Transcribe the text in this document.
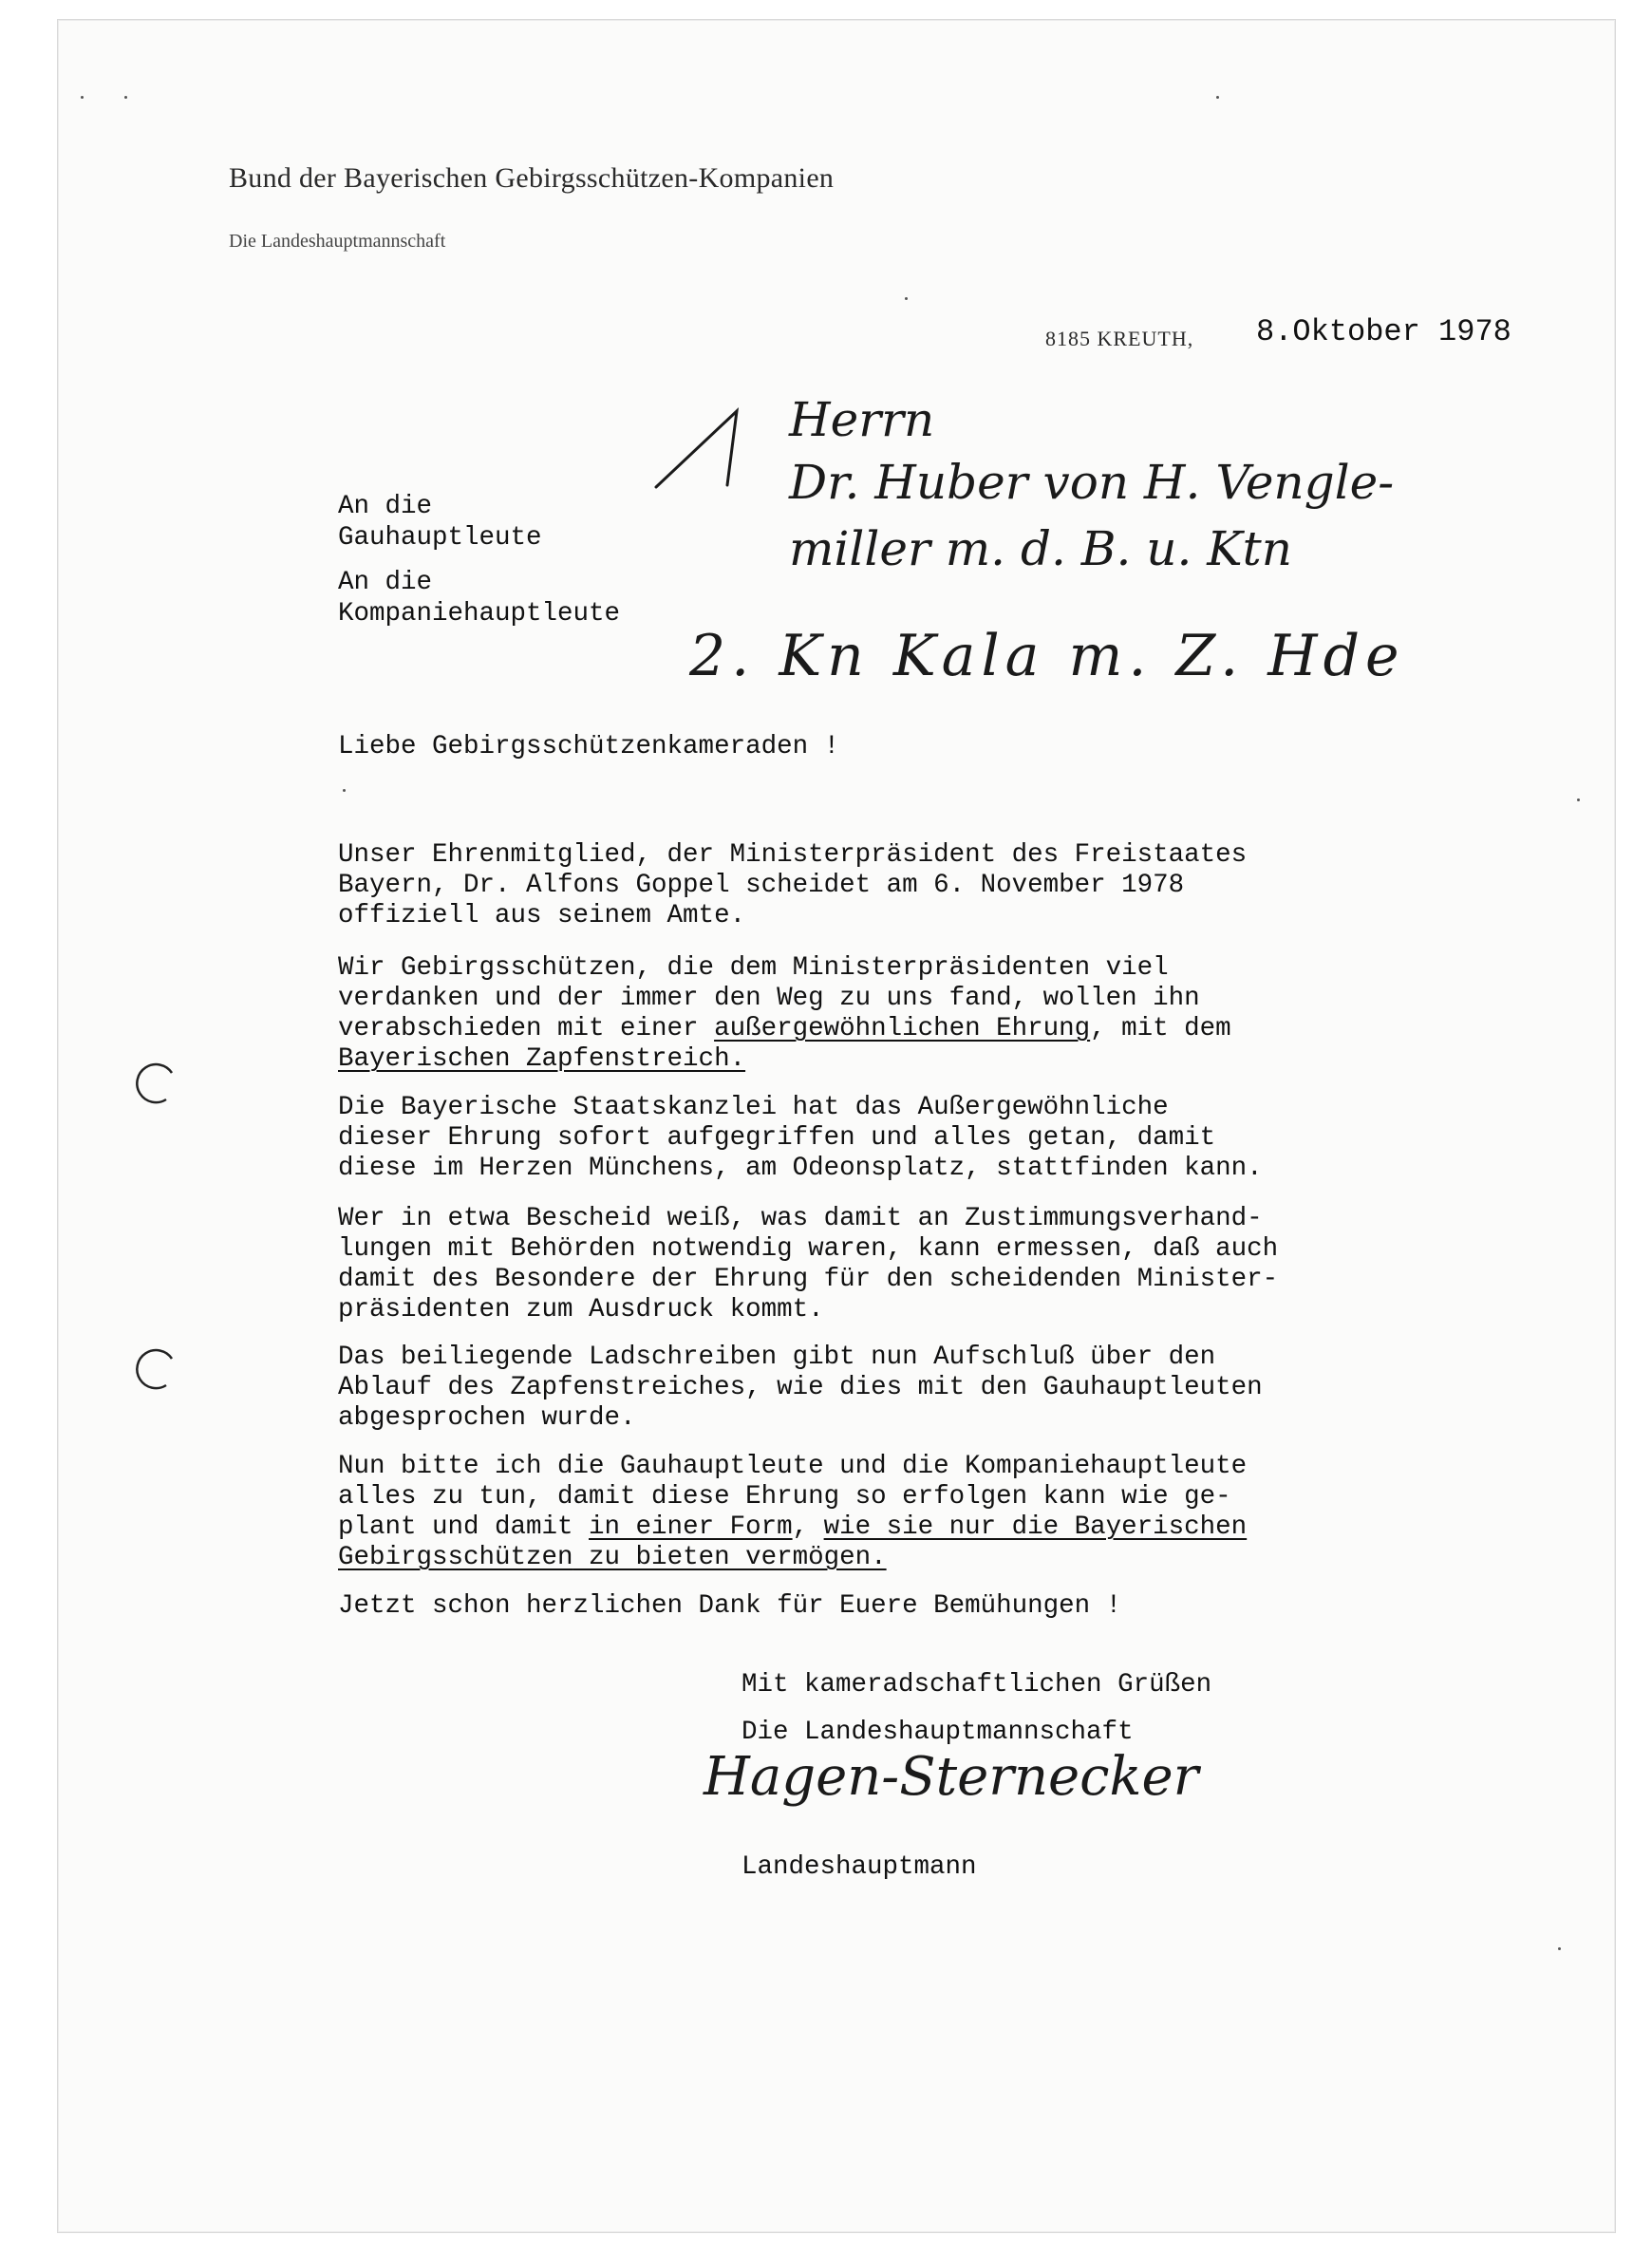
Bund der Bayerischen Gebirgsschützen-Kompanien
Die Landeshauptmannschaft
8185 KREUTH, 8.Oktober 1978
An die
Gauhauptleute
An die
Kompaniehauptleute
Herrn
Dr. Huber von H. Vengle-
miller m. d. B. u. Ktn
2. Kn Kala m. Z. Hde
Liebe Gebirgsschützenkameraden !
Unser Ehrenmitglied, der Ministerpräsident des Freistaates
Bayern, Dr. Alfons Goppel scheidet am 6. November 1978
offiziell aus seinem Amte.
Wir Gebirgsschützen, die dem Ministerpräsidenten viel
verdanken und der immer den Weg zu uns fand, wollen ihn
verabschieden mit einer außergewöhnlichen Ehrung, mit dem
Bayerischen Zapfenstreich.
Die Bayerische Staatskanzlei hat das Außergewöhnliche
dieser Ehrung sofort aufgegriffen und alles getan, damit
diese im Herzen Münchens, am Odeonsplatz, stattfinden kann.
Wer in etwa Bescheid weiß, was damit an Zustimmungsverhand-
lungen mit Behörden notwendig waren, kann ermessen, daß auch
damit des Besondere der Ehrung für den scheidenden Minister-
präsidenten zum Ausdruck kommt.
Das beiliegende Ladschreiben gibt nun Aufschluß über den
Ablauf des Zapfenstreiches, wie dies mit den Gauhauptleuten
abgesprochen wurde.
Nun bitte ich die Gauhauptleute und die Kompaniehauptleute
alles zu tun, damit diese Ehrung so erfolgen kann wie ge-
plant und damit in einer Form, wie sie nur die Bayerischen
Gebirgsschützen zu bieten vermögen.
Jetzt schon herzlichen Dank für Euere Bemühungen !
Mit kameradschaftlichen Grüßen
Die Landeshauptmannschaft
Hagen-Sternecker
Landeshauptmann
